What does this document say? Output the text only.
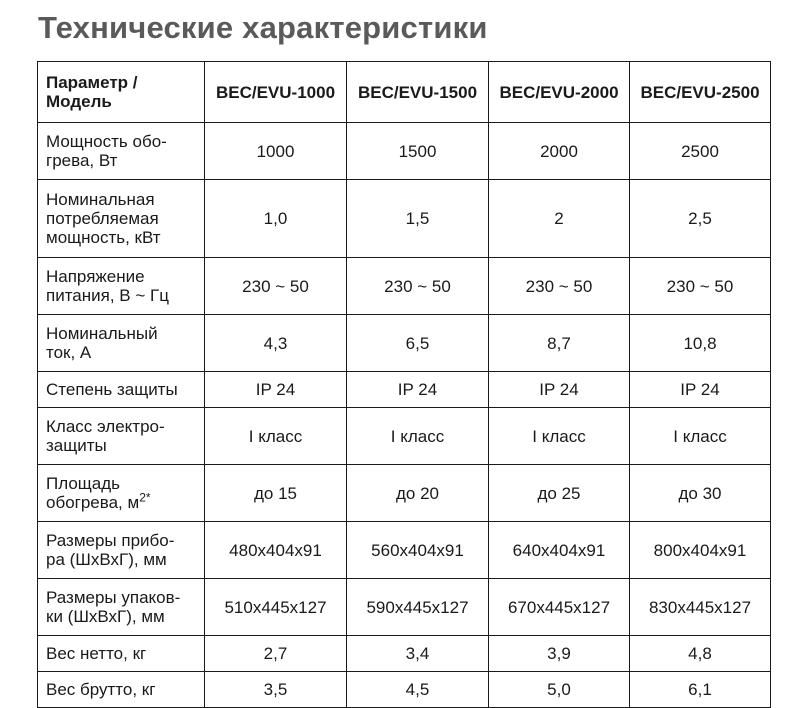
Технические характеристики
Параметр / Модель	BEC/EVU-1000	BEC/EVU-1500	BEC/EVU-2000	BEC/EVU-2500
Мощность обо-
грева, Вт	1000	1500	2000	2500
Номинальная
потребляемая
мощность, кВт	1,0	1,5	2	2,5
Напряжение
питания, В ~ Гц	230 ~ 50	230 ~ 50	230 ~ 50	230 ~ 50
Номинальный
ток, А	4,3	6,5	8,7	10,8
Степень защиты	IP 24	IP 24	IP 24	IP 24
Класс электро-
защиты	I класс	I класс	I класс	I класс
Площадь
обогрева, $м^{2*}$	до 15	до 20	до 25	до 30
Размеры прибо-
ра (ШхВхГ), мм	480х404х91	560х404х91	640х404х91	800х404х91
Размеры упаков-
ки (ШхВхГ), мм	510х445х127	590х445х127	670х445х127	830х445х127
Вес нетто, кг	2,7	3,4	3,9	4,8
Вес брутто, кг	3,5	4,5	5,0	6,1
